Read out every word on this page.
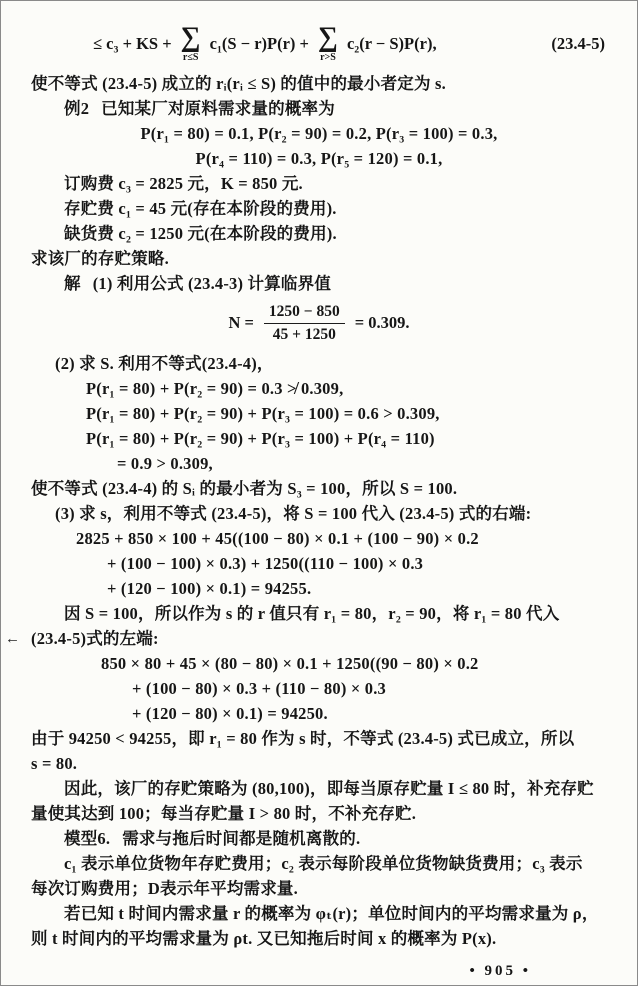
≤ c₃ + KS + ∑
r≤S
c₁(S − r)P(r) + ∑
r>S
c₂(r − S)P(r),	(23.4-5)
使不等式 (23.4-5) 成立的 rᵢ(rᵢ ≤ S) 的值中的最小者定为 s.
例2 已知某厂对原料需求量的概率为
P(r₁ = 80) = 0.1, P(r₂ = 90) = 0.2, P(r₃ = 100) = 0.3,
P(r₄ = 110) = 0.3, P(r₅ = 120) = 0.1,
订购费 c₃ = 2825 元，K = 850 元.
存贮费 c₁ = 45 元(存在本阶段的费用).
缺货费 c₂ = 1250 元(在本阶段的费用).
求该厂的存贮策略.
解 (1) 利用公式 (23.4-3) 计算临界值
$N = \frac{1250 - 850}{45 + 1250} = 0.309$.
(2) 求 S. 利用不等式(23.4-4)，
P(r₁ = 80) + P(r₂ = 90) = 0.3 ≯ 0.309,
P(r₁ = 80) + P(r₂ = 90) + P(r₃ = 100) = 0.6 > 0.309,
P(r₁ = 80) + P(r₂ = 90) + P(r₃ = 100) + P(r₄ = 110)
= 0.9 > 0.309,
使不等式 (23.4-4) 的 Sᵢ 的最小者为 S₃ = 100，所以 S = 100.
(3) 求 s，利用不等式 (23.4-5)，将 S = 100 代入 (23.4-5) 式的右端:
2825 + 850 × 100 + 45((100 − 80) × 0.1 + (100 − 90) × 0.2
+ (100 − 100) × 0.3) + 1250((110 − 100) × 0.3
+ (120 − 100) × 0.1) = 94255.
因 S = 100，所以作为 s 的 r 值只有 r₁ = 80，r₂ = 90，将 r₁ = 80 代入
← (23.4-5)式的左端:
850 × 80 + 45 × (80 − 80) × 0.1 + 1250((90 − 80) × 0.2
+ (100 − 80) × 0.3 + (110 − 80) × 0.3
+ (120 − 80) × 0.1) = 94250.
由于 94250 < 94255，即 r₁ = 80 作为 s 时，不等式 (23.4-5) 式已成立，所以
s = 80.
因此，该厂的存贮策略为 (80,100)，即每当原存贮量 I ≤ 80 时，补充存贮
量使其达到 100；每当存贮量 I > 80 时，不补充存贮.
模型6. 需求与拖后时间都是随机离散的.
c₁ 表示单位货物年存贮费用；c₂ 表示每阶段单位货物缺货费用；c₃ 表示
每次订购费用；D表示年平均需求量.
若已知 t 时间内需求量 r 的概率为 φₜ(r)；单位时间内的平均需求量为 ρ，
则 t 时间内的平均需求量为 ρt. 又已知拖后时间 x 的概率为 P(x).
• 905 •
